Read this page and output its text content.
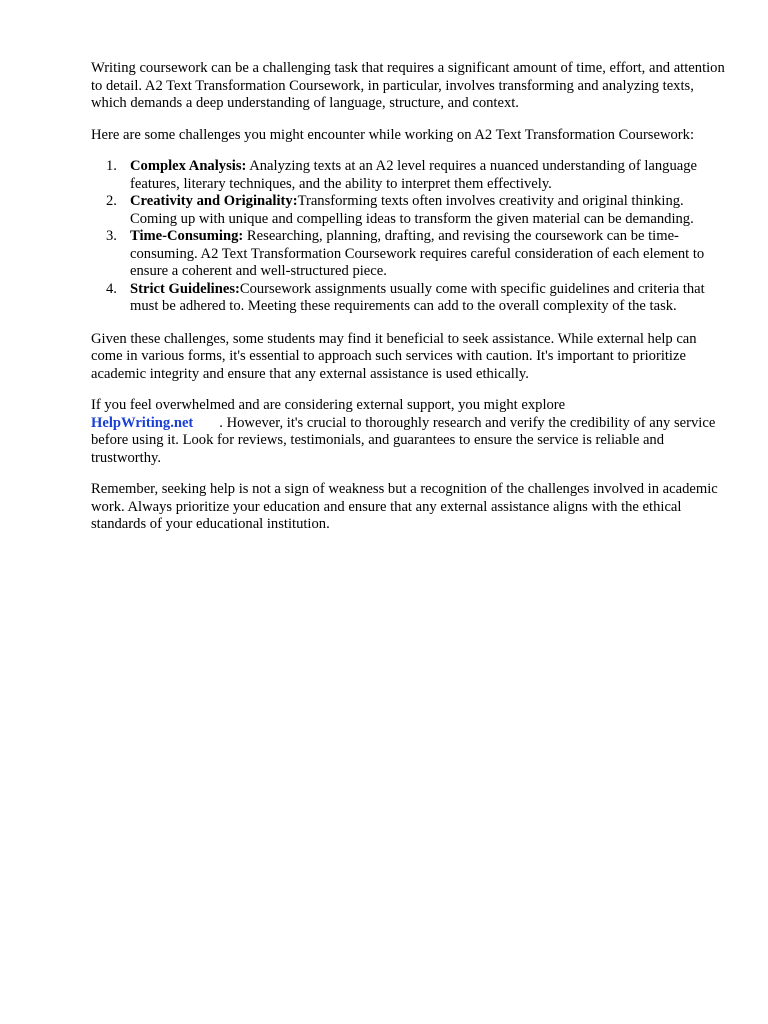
Writing coursework can be a challenging task that requires a significant amount of time, effort, and attention to detail. A2 Text Transformation Coursework, in particular, involves transforming and analyzing texts, which demands a deep understanding of language, structure, and context.

Here are some challenges you might encounter while working on A2 Text Transformation Coursework:

1. Complex Analysis: Analyzing texts at an A2 level requires a nuanced understanding of language features, literary techniques, and the ability to interpret them effectively.
2. Creativity and Originality:Transforming texts often involves creativity and original thinking. Coming up with unique and compelling ideas to transform the given material can be demanding.
3. Time-Consuming: Researching, planning, drafting, and revising the coursework can be time-consuming. A2 Text Transformation Coursework requires careful consideration of each element to ensure a coherent and well-structured piece.
4. Strict Guidelines:Coursework assignments usually come with specific guidelines and criteria that must be adhered to. Meeting these requirements can add to the overall complexity of the task.

Given these challenges, some students may find it beneficial to seek assistance. While external help can come in various forms, it's essential to approach such services with caution. It's important to prioritize academic integrity and ensure that any external assistance is used ethically.

If you feel overwhelmed and are considering external support, you might explore
HelpWriting.net . However, it's crucial to thoroughly research and verify the credibility of any service before using it. Look for reviews, testimonials, and guarantees to ensure the service is reliable and trustworthy.

Remember, seeking help is not a sign of weakness but a recognition of the challenges involved in academic work. Always prioritize your education and ensure that any external assistance aligns with the ethical standards of your educational institution.
